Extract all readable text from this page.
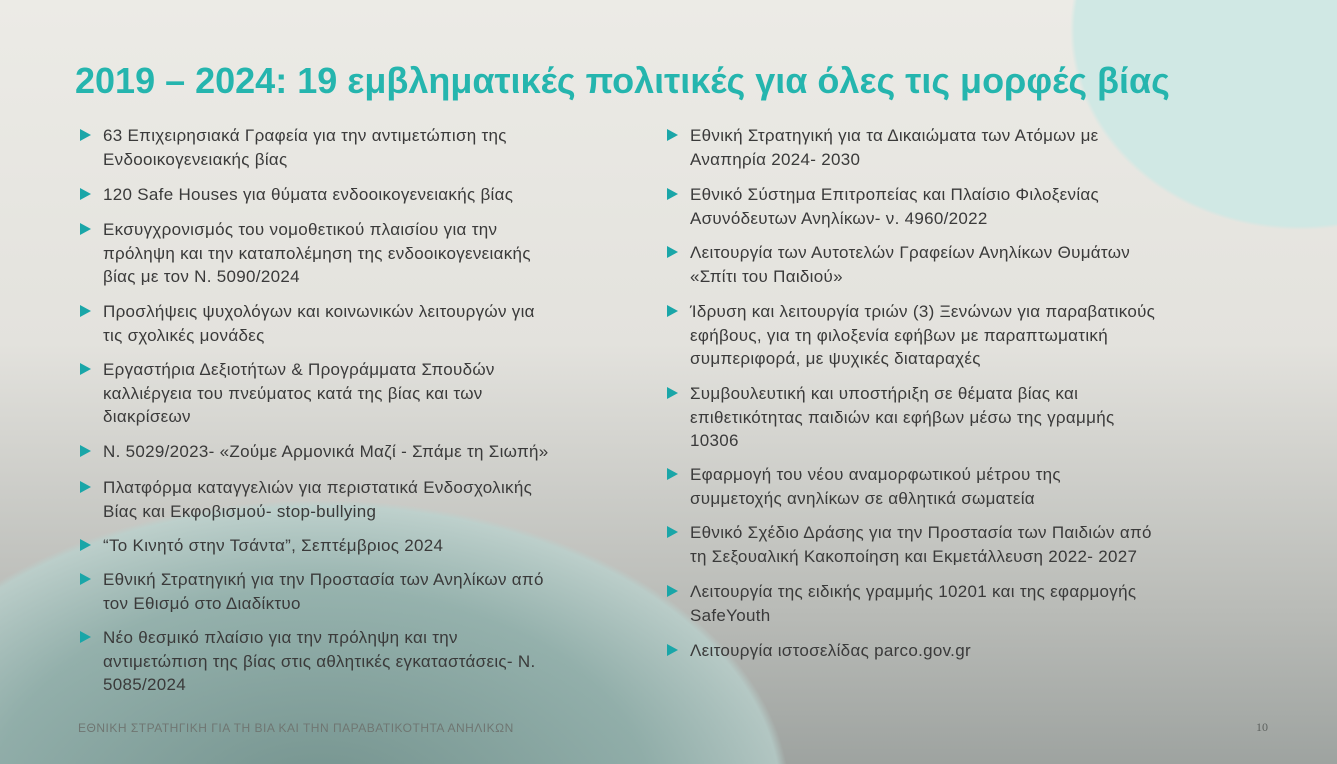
2019 – 2024: 19 εμβληματικές πολιτικές για όλες τις μορφές βίας
63 Επιχειρησιακά Γραφεία για την αντιμετώπιση της
Ενδοοικογενειακής βίας
120 Safe Houses για θύματα ενδοοικογενειακής βίας
Εκσυγχρονισμός του νομοθετικού πλαισίου για την
πρόληψη και την καταπολέμηση της ενδοοικογενειακής
βίας με τον Ν. 5090/2024
Προσλήψεις ψυχολόγων και κοινωνικών λειτουργών για
τις σχολικές μονάδες
Εργαστήρια Δεξιοτήτων & Προγράμματα Σπουδών
καλλιέργεια του πνεύματος κατά της βίας και των
διακρίσεων
Ν. 5029/2023- «Ζούμε Αρμονικά Μαζί - Σπάμε τη Σιωπή»
Πλατφόρμα καταγγελιών για περιστατικά Ενδοσχολικής
Βίας και Εκφοβισμού- stop-bullying
“Το Κινητό στην Τσάντα”, Σεπτέμβριος 2024
Εθνική Στρατηγική για την Προστασία των Ανηλίκων από
τον Εθισμό στο Διαδίκτυο
Νέο θεσμικό πλαίσιο για την πρόληψη και την
αντιμετώπιση της βίας στις αθλητικές εγκαταστάσεις- Ν.
5085/2024
Εθνική Στρατηγική για τα Δικαιώματα των Ατόμων με
Αναπηρία 2024- 2030
Εθνικό Σύστημα Επιτροπείας και Πλαίσιο Φιλοξενίας
Ασυνόδευτων Ανηλίκων- ν. 4960/2022
Λειτουργία των Αυτοτελών Γραφείων Ανηλίκων Θυμάτων
«Σπίτι του Παιδιού»
Ίδρυση και λειτουργία τριών (3) Ξενώνων για παραβατικούς
εφήβους, για τη φιλοξενία εφήβων με παραπτωματική
συμπεριφορά, με ψυχικές διαταραχές
Συμβουλευτική και υποστήριξη σε θέματα βίας και
επιθετικότητας παιδιών και εφήβων μέσω της γραμμής
10306
Εφαρμογή του νέου αναμορφωτικού μέτρου της
συμμετοχής ανηλίκων σε αθλητικά σωματεία
Εθνικό Σχέδιο Δράσης για την Προστασία των Παιδιών από
τη Σεξουαλική Κακοποίηση και Εκμετάλλευση 2022- 2027
Λειτουργία της ειδικής γραμμής 10201 και της εφαρμογής
SafeYouth
Λειτουργία ιστοσελίδας parco.gov.gr
ΕΘΝΙΚΗ ΣΤΡΑΤΗΓΙΚΗ ΓΙΑ ΤΗ ΒΙΑ ΚΑΙ ΤΗΝ ΠΑΡΑΒΑΤΙΚΟΤΗΤΑ ΑΝΗΛΙΚΩΝ	10
